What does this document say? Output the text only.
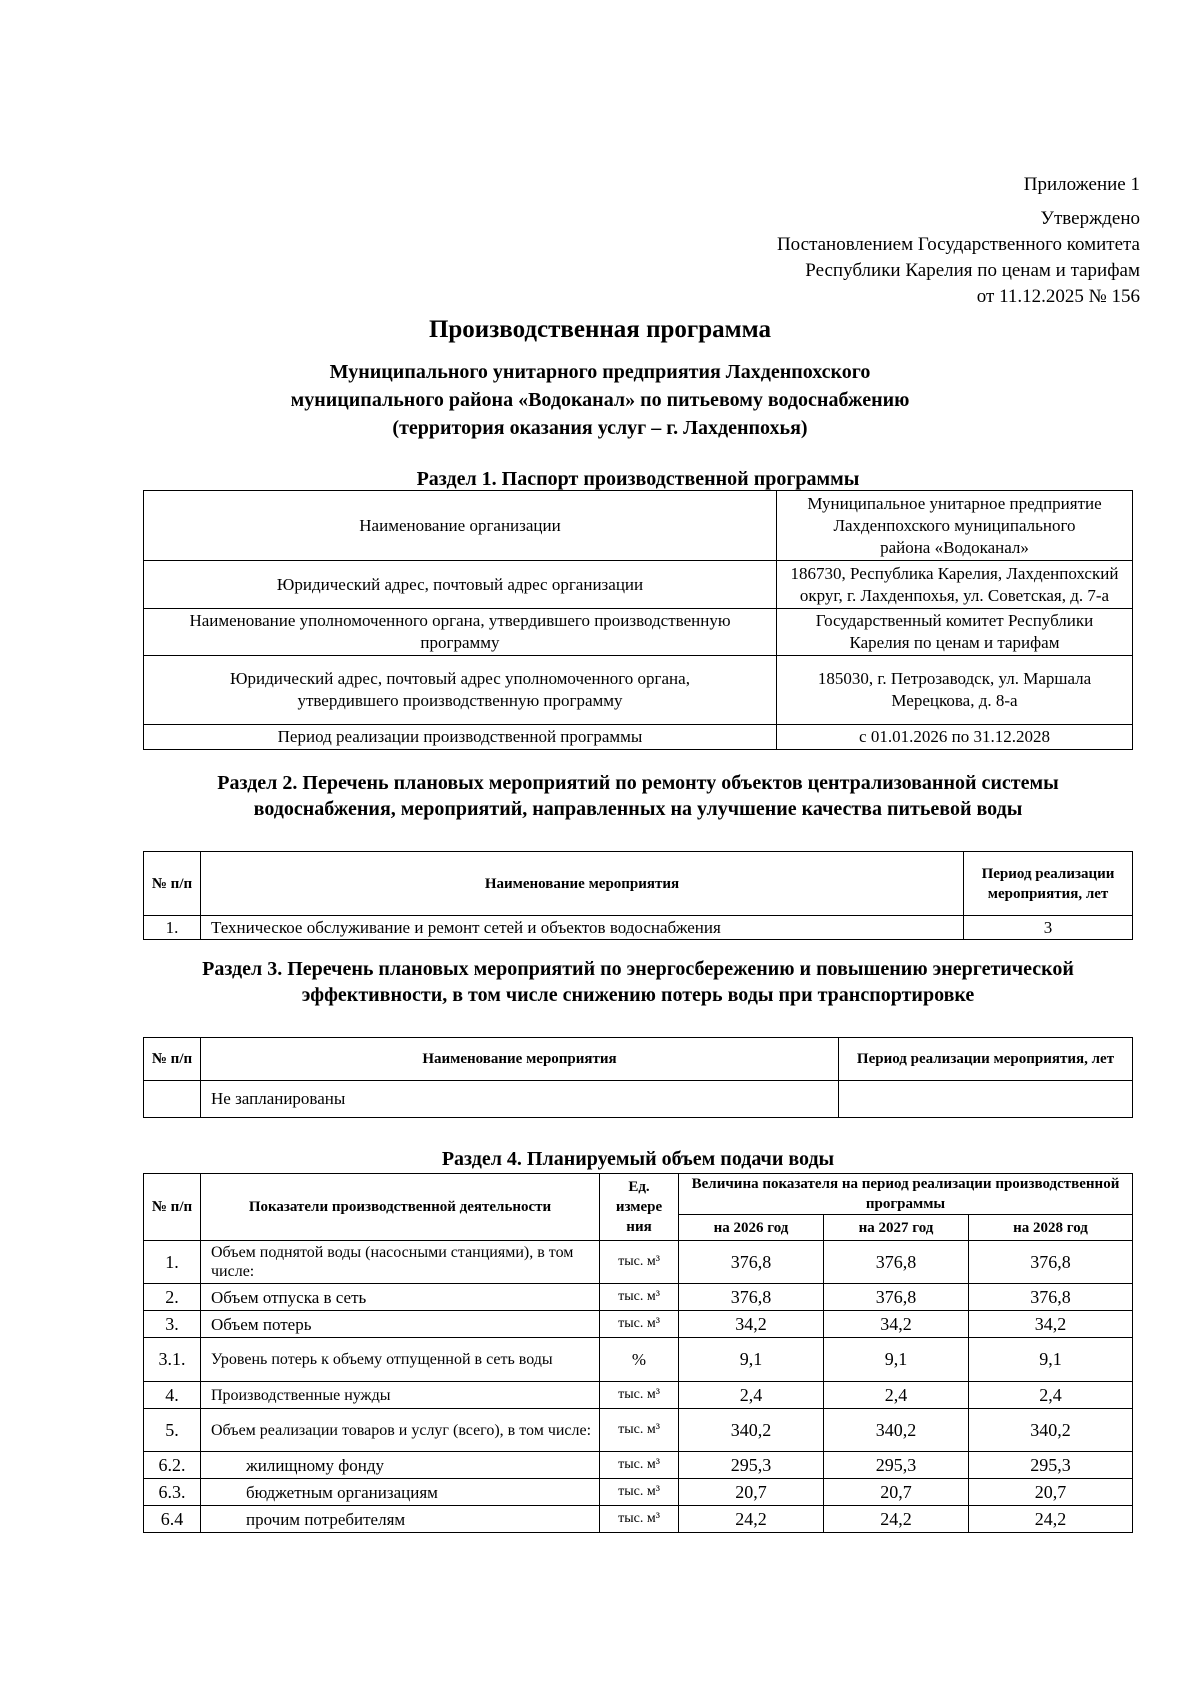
Приложение 1
Утверждено
Постановлением Государственного комитета
Республики Карелия по ценам и тарифам
от 11.12.2025 № 156
Производственная программа
Муниципального унитарного предприятия Лахденпохского
муниципального района «Водоканал» по питьевому водоснабжению
(территория оказания услуг – г. Лахденпохья)
Раздел 1. Паспорт производственной программы
Наименование организации	Муниципальное унитарное предприятие Лахденпохского муниципального района «Водоканал»
Юридический адрес, почтовый адрес организации	186730, Республика Карелия, Лахденпохский округ, г. Лахденпохья, ул. Советская, д. 7-а
Наименование уполномоченного органа, утвердившего производственную программу	Государственный комитет Республики Карелия по ценам и тарифам
Юридический адрес, почтовый адрес уполномоченного органа, утвердившего производственную программу	185030, г. Петрозаводск, ул. Маршала Мерецкова, д. 8-а
Период реализации производственной программы	с 01.01.2026 по 31.12.2028
Раздел 2. Перечень плановых мероприятий по ремонту объектов централизованной системы водоснабжения, мероприятий, направленных на улучшение качества питьевой воды
№ п/п	Наименование мероприятия	Период реализации мероприятия, лет
1.	Техническое обслуживание и ремонт сетей и объектов водоснабжения	3
Раздел 3. Перечень плановых мероприятий по энергосбережению и повышению энергетической эффективности, в том числе снижению потерь воды при транспортировке
№ п/п	Наименование мероприятия	Период реализации мероприятия, лет
	Не запланированы	
Раздел 4. Планируемый объем подачи воды
№ п/п	Показатели производственной деятельности	Ед. измере ния	Величина показателя на период реализации производственной программы		
			на 2026 год	на 2027 год	на 2028 год
1.	Объем поднятой воды (насосными станциями), в том числе:	тыс. м³	376,8	376,8	376,8
2.	Объем отпуска в сеть	тыс. м³	376,8	376,8	376,8
3.	Объем потерь	тыс. м³	34,2	34,2	34,2
3.1.	Уровень потерь к объему отпущенной в сеть воды	%	9,1	9,1	9,1
4.	Производственные нужды	тыс. м³	2,4	2,4	2,4
5.	Объем реализации товаров и услуг (всего), в том числе:	тыс. м³	340,2	340,2	340,2
6.2.	жилищному фонду	тыс. м³	295,3	295,3	295,3
6.3.	бюджетным организациям	тыс. м³	20,7	20,7	20,7
6.4	прочим потребителям	тыс. м³	24,2	24,2	24,2
